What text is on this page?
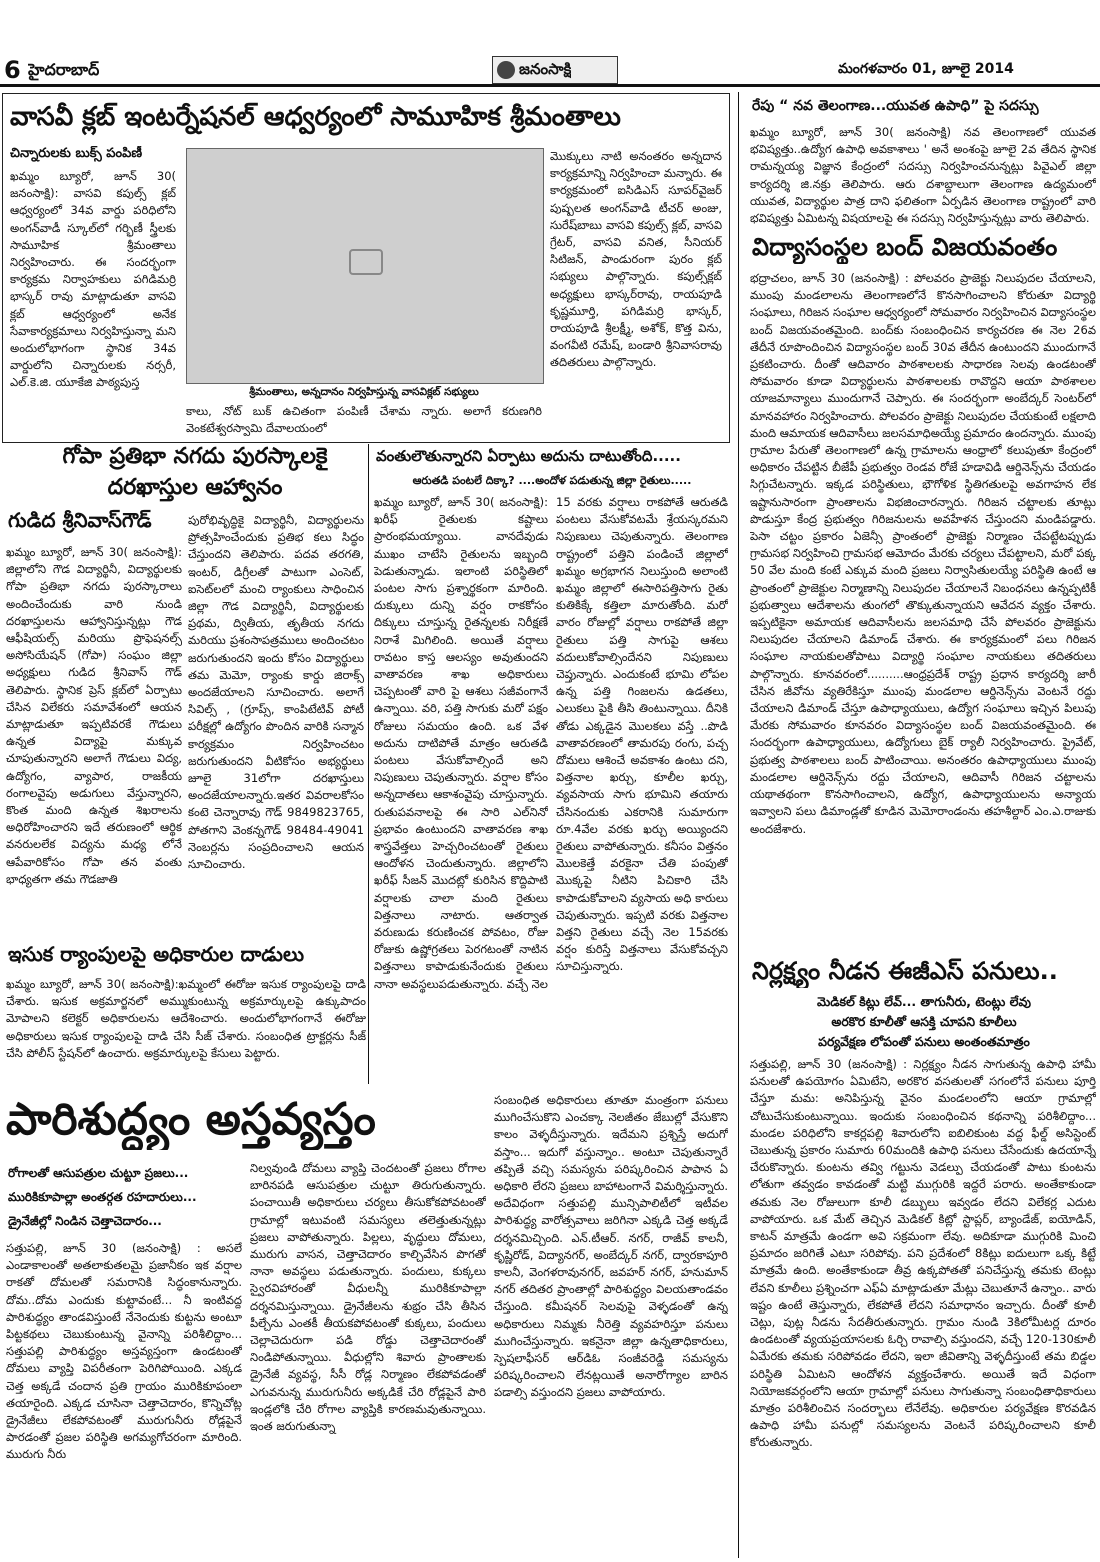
6 హైదరాబాద్	జనంసాక్షి	మంగళవారం 01, జూలై 2014
వాసవీ క్లబ్ ఇంటర్నేషనల్ ఆధ్వర్యంలో సామూహిక శ్రీమంతాలు
చిన్నారులకు బుక్స్ పంపిణీ
ఖమ్మం బ్యూరో, జూన్ 30( జనంసాక్షి): వాసవి కపుల్స్ క్లబ్ ఆధ్వర్యంలో 34వ వార్డు పరిధిలోని అంగన్‌వాడీ స్కూల్‌లో గర్భిణీ స్త్రీలకు సామూహిక శ్రీమంతాలు నిర్వహించారు. ఈ సందర్భంగా కార్యక్రమ నిర్వాహకులు పగిడిమర్రి భాస్కర్ రావు మాట్లాడుతూ వాసవి క్లబ్ ఆధ్వర్యంలో అనేక సేవాకార్యక్రమాలు నిర్వహిస్తున్నా మని అందులోభాగంగా స్థానిక 34వ వార్డులోని చిన్నారులకు నర్సరీ, ఎల్.కె.జి. యూకేజి పాఠ్యపుస్త
శ్రీమంతాలు, అన్నదానం నిర్వహిస్తున్న వాసవిక్లబ్ సభ్యులు
కాలు, నోట్ బుక్ ఉచితంగా పంపిణీ చేశామ న్నారు. అలాగే కరుణగిరి వెంకటేశ్వరస్వామి దేవాలయంలో
మొక్కులు నాటి అనంతరం అన్నదాన కార్యక్రమాన్ని నిర్వహించా మన్నారు. ఈ కార్యక్రమంలో ఐసిడిఎస్ సూపర్‌వైజర్ పుష్పలత అంగన్‌వాడి టీచర్ అంజు, సురేష్‌బాబు వాసవి కపుల్స్ క్లబ్, వాసవి గ్రేటర్, వాసవి వనిత, సీనియర్ సిటిజన్, పాండురంగా పురం క్లబ్ సభ్యులు పాల్గొన్నారు. కపుల్స్‌క్లబ్ అధ్యక్షులు భాస్కర్‌రావు, రాయపూడి కృష్ణమూర్తి, పగిడిమర్రి భాస్కర్, రాయపూడి శ్రీలక్ష్మీ, అశోక్, కొత్త విను, వంగవీటి రమేష్, బండారి శ్రీనివాసరావు తదితరులు పాల్గొన్నారు.
గోపా ప్రతిభా నగదు పురస్కాలకై
దరఖాస్తుల ఆహ్వానం
గుడిద శ్రీనివాస్‌గౌడ్
ఖమ్మం బ్యూరో, జూన్ 30( జనంసాక్షి): జిల్లాలోని గౌడ విద్యార్థినీ, విద్యార్థులకు గోపా ప్రతిభా నగదు పురస్కారాలు అందించేందుకు వారి నుండి దరఖాస్తులను ఆహ్వానిస్తున్నట్లు గౌడ ఆఫీషియల్స్ మరియు ప్రొఫెషనల్స్ అసోసియేషన్ (గోపా) సంఘం జిల్లా అధ్యక్షులు గుడిద శ్రీనివాస్ గౌడ్ తెలిపారు. స్థానిక ప్రెస్ క్లబ్‌లో ఏర్పాటు చేసిన విలేకరు సమావేశంలో ఆయన మాట్లాడుతూ ఇప్పటివరకే గౌడులు ఉన్నత విద్యాపై మక్కువ చూపుతున్నారని అలాగే గౌడులు విద్య, ఉద్యోగం, వ్యాపార, రాజకీయ రంగాలవైపు అడుగులు వేస్తున్నారని, కొంత మంది ఉన్నత శిఖరాలను అధిరోహించారని ఇదే తరుణంలో ఆర్థిక వనరులలేక విద్యను మధ్య లోనే ఆపేవారికోసం గోపా తన వంతు భాధ్యతగా తమ గౌడజాతి
పురోభివృద్ధికై విద్యార్థినీ, విద్యార్థులను ప్రోత్సహించేందుకు ప్రతిభ కలు సిద్ధం చేస్తుందని తెలిపారు. పదవ తరగతి, ఇంటర్, డిగ్రీలతో పాటుగా ఎంసెట్, ఐసెట్‌లలో మంచి ర్యాంకులు సాధించిన జిల్లా గౌడ విద్యార్థినీ, విద్యార్థులకు ప్రథమ, ద్వితీయ, తృతీయ నగదు మరియు ప్రశంసాపత్రములు అందించటం జరుగుతుందని ఇందు కోసం విద్యార్థులు తమ మెమో, ర్యాంకు కార్డు జిరాక్స్ అందజేయాలని సూచించారు. అలాగే సివిల్స్ , (గ్రూప్స్, కాంపిటేటివ్ పోటీ పరీక్షల్లో ఉద్యోగం పొందిన వారికి సన్మాన కార్యక్రమం నిర్వహించటం జరుగుతుందని వీటికోసం అభ్యర్థులు జూలై 31లోగా దరఖాస్తులు అందజేయాలన్నారు.ఇతర వివరాలకోసం కంటె చెన్నారావు గౌడ్ 9849823765, పోతగాని వెంకన్నగౌడ్ 98484-49041 నెంబర్లను సంప్రదించాలని ఆయన సూచించారు.
వంతులౌతున్నారని ఏర్పాటు అదును దాటుతోంది.....
ఆరుతడి పంటలే దిక్కా? ....అందోళ పడుతున్న జిల్లా రైతులు.....
ఖమ్మం బ్యూరో, జూన్ 30( జనంసాక్షి): ఖరీఫ్ రైతులకు కష్టాలు ప్రారంభమయ్యాయి. వానదేవుడు ముఖం చాటేసి రైతులను ఇబ్బంది పెడుతున్నాడు. ఇలాంటి పరిస్థితిలో పంటల సాగు ప్రశ్నార్థకంగా మారింది. దుక్కులు దున్ని వర్షం రాకకోసం దిక్కులు చూస్తున్న రైతన్నలకు నిరీక్షణే నిరాశే మిగిలింది. అయితే వర్షాలు రావటం కాస్త ఆలస్యం అవుతుందని వాతావరణ శాఖ అధికారులు చెప్పటంతో వారి పై ఆశలు సజీవంగానే ఉన్నాయి. వరి, పత్తి సాగుకు మరో పక్షం రోజులు సమయం ఉంది. ఒక వేళ అదును దాటిపోతే మాత్రం ఆరుతడి పంటలు వేసుకోవాల్సిందే అని నిపుణులు చెపుతున్నారు. వర్షాల కోసం అన్నదాతలు ఆకాశంవైపు చూస్తున్నారు. రుతుపవనాలపై ఈ సారి ఎల్‌నినో ప్రభావం ఉంటుందని వాతావరణ శాఖ శాస్త్రవేత్తలు హెచ్చరించటంతో రైతులు ఆందోళన చెందుతున్నారు. జిల్లాలోని ఖరీఫ్ సీజన్ మొదట్లో కురిసిన కొద్దిపాటి వర్షాలకు చాలా మంది రైతులు విత్తనాలు నాటారు. ఆతర్వాత వరుణుడు కరుణించక పోవటం, రోజు రోజుకు ఉష్ణోగ్రతలు పెరగటంతో నాటిన విత్తనాలు కాపాడుకునేందుకు రైతులు నానా అవస్థలుపడుతున్నారు. వచ్చే నెల
15 వరకు వర్షాలు రాకపోతే ఆరుతడి పంటలు వేసుకోవటమే శ్రేయస్కరమని నిపుణులు చెపుతున్నారు. తెలంగాణ రాష్ట్రంలో పత్తిని పండించే జిల్లాలో ఖమ్మం అగ్రభాగన నిలుస్తుంది అలాంటి ఖమ్మం జిల్లాలో ఈసారిపత్తిసాగు రైతు కుతికిక్కే కత్తిలా మారుతోంది. మరో వారం రోజుల్లో వర్షాలు రాకపోతే జిల్లా రైతులు పత్తి సాగుపై ఆశలు వదులుకోవాల్సిందేనని నిపుణులు చెప్తున్నారు. ఎందుకంటే భూమి లోపల ఉన్న పత్తి గింజలను ఉడతలు, ఎలుకలు పైకి తీసి తింటున్నాయి. దీనికి తోడు ఎక్కడైన మొలకలు వస్తే ..పొడి వాతావరణంలో తామరపు రంగు, పచ్చ దోమలు ఆశించే అవకాశం ఉంటు దని, విత్తనాల ఖర్చు, కూలీల ఖర్చు, వ్యవసాయ సాగు భూమిని తయారు చేసినందుకు ఎకరానికి సుమారుగా రూ.4వేల వరకు ఖర్చు అయ్యిందని రైతులు వాపోతున్నారు. కనీసం విత్తనం మొలకెత్తే వరకైనా చేతి పంపుతో మొక్కపై నీటిని పిచికారి చేసి కాపాడుకోవాలని వ్యసాయ అధి కారులు చెపుతున్నారు. ఇప్పటి వరకు విత్తనాల విత్తని రైతులు వచ్చే నెల 15వరకు వర్షం కురిస్తే విత్తనాలు వేసుకోవచ్చని సూచిస్తున్నారు.
ఇసుక ర్యాంపులపై అధికారుల దాడులు
ఖమ్మం బ్యూరో, జూన్ 30( జనంసాక్షి):ఖమ్మంలో ఈరోజు ఇసుక ర్యాంపులపై దాడి చేశారు. ఇసుక అక్రమార్జనలో అమ్ముకుంటున్న అక్రమార్కులపై ఉక్కుపాదం మోపాలని కలెక్టర్ అధికారులను ఆదేశించారు. అందులోభాగంగానే ఈరోజు అధికారులు ఇసుక ర్యాంపులపై దాడి చేసి సీజ్ చేశారు. సంబంధిత ట్రాక్టర్లను సీజ్ చేసి పోలీస్ స్టేషన్‌లో ఉంచారు. అక్రమార్కులపై కేసులు పెట్టారు.
పారిశుద్ధ్యం అస్తవ్యస్తం
రోగాలతో ఆసుపత్రుల చుట్టూ ప్రజలు...
మురికికూపాల్లా అంతర్గత రహదారులు...
డ్రైనేజీల్లో నిండిన చెత్తాచెదారం...
సత్తుపల్లి, జూన్ 30 (జనంసాక్షి) : అసలే ఎండాకాలంతో అతలాకుతలమై ప్రజానీకం ఇక వర్షాల రాకతో దోమలతో సమరానికి సిద్ధంకానున్నారు. దోమ..దోమ ఎందుకు కుట్టావంటే... నీ ఇంటివద్ద పారిశుద్ధ్యం తాండవిస్తుంటే నేనెందుకు కుట్టను అంటూ పిట్టకథలు చెబుకుంటున్న వైనాన్ని పరిశీలిద్దాం... సత్తుపల్లి పారిశుద్ధ్యం అస్తవ్యస్తంగా ఉండటంతో దోమలు వ్యాప్తి విపరీతంగా పెరిగిపోయింది. ఎక్కడ చెత్త అక్కడే చందాన ప్రతి గ్రాయం మురికికూపంలా తయారైంది. ఎక్కడ చూసినా చెత్తాచెదారం, కొన్నిచోట్ల డ్రైనేజీలు లేకపోవటంతో మురుగునీరు రోడ్లపైనే పారడంతో ప్రజల పరిస్థితి అగమ్యగోచరంగా మారింది. మురుగు నీరు
నిల్వవుండి దోమలు వ్యాప్తి చెందటంతో ప్రజలు రోగాల బారినపడి ఆసుపత్రుల చుట్టూ తిరుగుతున్నారు. పంచాయితీ అధికారులు చర్యలు తీసుకోకపోవటంతో గ్రామాల్లో ఇటువంటి సమస్యలు తలెత్తుతున్నట్లు ప్రజలు వాపోతున్నారు. పిల్లలు, వృద్ధులు దోమలు, మురుగు వాసన, చెత్తాచెదారం కాల్చివేసిన పొగతో నానా అవస్థలు పడుతున్నారు. పందులు, కుక్కలు స్వైరవిహారంతో వీధులన్నీ మురికికూపాల్లా దర్శనమిస్తున్నాయి. డ్రైనేజీలను శుభ్రం చేసి తీసిన పీల్చేను ఎంతకీ తీయకపోవటంతో కుక్కలు, పందులు చెల్లాచెదురుగా పడి రోడ్డు చెత్తాచెదారంతో నిండిపోతున్నాయి. వీధుల్లోని శివారు ప్రాంతాలకు డ్రైనేజీ వ్యవస్థ, సీసీ రోడ్ల నిర్మాణం లేకపోవడంతో ఎగువనున్న మురుగునీరు అక్కడికే చేరి రోడ్లపైనే పారి ఇండ్లలోకి చేరి రోగాల వ్యాప్తికి కారణమవుతున్నాయి. ఇంత జరుగుతున్నా
సంబంధిత అధికారులు తూతూ మంత్రంగా పనులు ముగించేసుకొని ఎంచక్కా నెలజీతం జేబుల్లో వేసుకొని కాలం వెళ్ళదీస్తున్నారు. ఇదేమని ప్రశ్నిస్తే అదుగో వస్తాం... ఇదుగో వస్తున్నాం.. అంటూ చెపుతున్నారే తప్పితే వచ్చి సమస్యను పరిష్కరించిన పాపాన ఏ అధికారి లేరని ప్రజలు బాహాటంగానే విమర్శిస్తున్నారు. అదేవిధంగా సత్తుపల్లి మున్సిపాలిటీలో ఇటీవల పారిశుద్ధ్య వారోత్సవాలు జరిగినా ఎక్కడి చెత్త అక్కడే దర్శనమిచ్చింది. ఎన్.టీఆర్. నగర్, రాజీవ్ కాలనీ, కృష్ణిరోడ్, విద్యానగర్, అంబేద్కర్ నగర్, ద్వారకాపూరి కాలనీ, వెంగళరావునగర్, జవహర్ నగర్, హనుమాన్ నగర్ తదితర ప్రాంతాల్లో పారిశుద్ధ్యం విలయతాండవం చేస్తుంది. కమీషనర్ సెలవుపై వెళ్ళడంతో ఉన్న అధికారులు నిమ్మకు నీరెత్తి వ్యవహరిస్తూ పనులు ముగించేస్తున్నారు. ఇకనైనా జిల్లా ఉన్నతాధికారులు, స్పెషలాఫీసర్ ఆర్‌డిఓ సంజీవరెడ్డి సమస్యను పరిష్కరించాలని లేనట్లయితే అనారోగ్యాల బారిన పడాల్సి వస్తుందని ప్రజలు వాపోయారు.
రేపు “ నవ తెలంగాణ...యువత ఉపాధి” పై సదస్సు
ఖమ్మం బ్యూరో, జూన్ 30( జనంసాక్షి) నవ తెలంగాణలో యువత భవిష్యత్తు..ఉద్యోగ ఉపాధి అవకాశాలు ' అనే అంశంపై జూలై 2వ తేదిన స్థానిక రామన్నయ్య విజ్ఞాన కేంద్రంలో సదస్సు నిర్వహించనున్నట్లు పివైఎల్ జిల్లా కార్యదర్శి జి.నక్రు తెలిపారు. ఆరు దశాబ్దాలుగా తెలంగాణ ఉద్యమంలో యువత, విద్యార్థుల పాత్ర దాని ఫలితంగా ఏర్పడిన తెలంగాణ రాష్ట్రంలో వారి భవిష్యత్తు ఏమిటన్న విషయాలపై ఈ సదస్సు నిర్వహిస్తున్నట్లు వారు తెలిపారు.
విద్యాసంస్థల బంద్ విజయవంతం
భద్రాచలం, జూన్ 30 (జనంసాక్షి) : పోలవరం ప్రాజెక్టు నిలుపుదల చేయాలని, ముంపు మండలాలను తెలంగాణలోనే కొనసాగించాలని కోరుతూ విద్యార్థి సంఘాలు, గిరిజన సంఘాల ఆధ్వర్యంలో సోమవారం నిర్వహించిన విద్యాసంస్థల బంద్ విజయవంతమైంది. బంద్‌కు సంబంధించిన కార్యచరణ ఈ నెల 26వ తేదీనే రూపొందించిన విద్యాసంస్థల బంద్ 30వ తేదీన ఉంటుందని ముందుగానే ప్రకటించారు. దీంతో ఆదివారం పాఠశాలలకు సాధారణ సెలవు ఉండటంతో సోమవారం కూడా విద్యార్థులను పాఠశాలలకు రావొద్దని ఆయా పాఠశాలల యాజమాన్యాలు ముందుగానే చెప్పారు. ఈ సందర్భంగా అంబేద్కర్ సెంటర్‌లో మానవహారం నిర్వహించారు. పోలవరం ప్రాజెక్టు నిలుపుదల చేయకుంటే లక్షలాది మంది ఆమాయక ఆదివాసీలు జలసమాధిఅయ్యే ప్రమాదం ఉందన్నారు. ముంపు గ్రామాల పేరుతో తెలంగాణలో ఉన్న గ్రామాలను ఆంధ్రాలో కలుపుతూ కేంద్రంలో అధికారం చేపట్టిన బీజేపీ ప్రభుత్వం రెండవ రోజే హడావిడి ఆర్డినెన్స్‌ను చేయడం సిగ్గుచేటన్నారు. ఇక్కడ పరిస్థితులు, భౌగోళిక స్థితిగతులపై అవగాహన లేక ఇష్టానుసారంగా ప్రాంతాలను విభజించారన్నారు. గిరిజన చట్టాలకు తూట్లు పొడుస్తూ కేంద్ర ప్రభుత్వం గిరిజనులను అవహేళన చేస్తుందని మండిపడ్డారు. పెసా చట్టం ప్రకారం ఏజెన్సీ ప్రాంతంలో ప్రాజెక్టు నిర్మాణం చేపట్టేటప్పుడు గ్రామసభ నిర్వహించి గ్రామసభ ఆమోదం మేరకు చర్యలు చేపట్టాలని, మరో పక్క 50 వేల మంది కంటే ఎక్కువ మంది ప్రజలు నిర్వాసితులయ్యే పరిస్థితి ఉంటే ఆ ప్రాంతంలో ప్రాజెక్టుల నిర్మాణాన్ని నిలుపుదల చేయాలనే నిబంధనలు ఉన్నప్పటికీ ప్రభుత్వాలు ఆదేశాలను తుంగలో తొక్కుతున్నాయని ఆవేదన వ్యక్తం చేశారు. ఇప్పటికైనా అమాయక ఆదివాసీలను జలసమాధి చేసే పోలవరం ప్రాజెక్టును నిలుపుదల చేయాలని డిమాండ్ చేశారు. ఈ కార్యక్రమంలో పలు గిరిజన సంఘాల నాయకులతోపాటు విద్యార్థి సంఘాల నాయకులు తదితరులు పాల్గొన్నారు. కూనవరంలో..........ఆంధ్రప్రదేశ్ రాష్ట్ర ప్రధాన కార్యదర్శి జారీ చేసిన జీవోను వ్యతిరేకిస్తూ ముంపు మండలాల ఆర్డినెన్స్‌ను వెంటనే రద్దు చేయాలని డిమాండ్ చేస్తూ ఉపాధ్యాయులు, ఉద్యోగ సంఘాలు ఇచ్చిన పిలుపు మేరకు సోమవారం కూనవరం విద్యాసంస్థల బంద్ విజయవంతమైంది. ఈ సందర్భంగా ఉపాధ్యాయులు, ఉద్యోగులు బైక్ ర్యాలీ నిర్వహించారు. ప్రైవేట్, ప్రభుత్వ పాఠశాలలు బంద్ పాటించాయి. అనంతరం ఉపాధ్యాయులు ముంపు మండలాల ఆర్డినెన్స్‌ను రద్దు చేయాలని, ఆదివాసీ గిరిజన చట్టాలను యథాతథంగా కొనసాగించాలని, ఉద్యోగ, ఉపాధ్యాయులను అన్యాయ ఇవ్వాలని పలు డిమాండ్లతో కూడిన మెమోరాండంను తహశీల్దార్ ఎం.ఎ.రాజుకు అందజేశారు.
నిర్లక్ష్యం నీడన ఈజీఎస్ పనులు..
మెడికల్ కిట్లు లేవ్... తాగునీరు, టెంట్లు లేవు
అరకొర కూలీతో ఆసక్తి చూపని కూలీలు
పర్యవేక్షణ లోపంతో పనులు అంతంతమాత్రం
సత్తుపల్లి, జూన్ 30 (జనంసాక్షి) : నిర్లక్ష్యం నీడన సాగుతున్న ఉపాధి హామీ పనులతో ఉపయోగం ఏమిటేని, అరకొర వసతులతో సగంలోనే పనులు పూర్తి చేస్తూ మమ: అనిపిస్తున్న వైనం మండలంలోని ఆయా గ్రామాల్లో చోటుచేసుకుంటున్నాయి. ఇందుకు సంబంధించిన కథనాన్ని పరిశీలిద్దాం... మండల పరిధిలోని కాకర్లపల్లి శివారులోని ఐబిలికుంట వద్ద ఫీల్డ్ అసిస్టెంట్ చెబుతున్న ప్రకారం సుమారు 60మందికి ఉపాధి పనులు చేసేందుకు ఉదయాన్నే చేరుకొన్నారు. కుంటను తవ్వి గట్టును వెడల్పు చేయడంతో పాటు కుంటను లోతుగా తవ్వడం కావడంతో మట్టి ముగ్గురికి ఇద్దరే పరారు. అంతేకాకుండా తమకు నెల రోజులుగా కూలీ డబ్బులు ఇవ్వడం లేదని విలేకర్ల ఎదుట వాపోయారు. ఒక మేట్ తెచ్చిన మెడికల్ కిట్లో స్టాప్లర్, బ్యాండేజ్, ఐయోడిన్, కాటన్ మాత్రమే ఉండగా అవి సక్రమంగా లేవు. అదికూడా ముగ్గురికి మించి ప్రమాదం జరిగితే ఎటూ సరిపోవు. పని ప్రదేశంలో 8కిట్లు ఐదులుగా ఒక్క కిట్టే మాత్రమే ఉంది. అంతేకాకుండా తీవ్ర ఉక్కపోతతో పనిచేస్తున్న తమకు టెంట్లు లేవని కూలీలు ప్రశ్నించగా ఎఫ్‌ఏ మాట్లాడుతూ మేట్లు చెబుతూనే ఉన్నాం.. వారు ఇష్టం ఉంటే తెస్తున్నారు, లేకపోతే లేదని సమాధానం ఇచ్చారు. దీంతో కూలీ చెట్లు, పుట్ల నీడను సేదతీరుతున్నారు. గ్రామం నుండి 3కిలోమీటర్ల దూరం ఉండటంతో వ్యయప్రయాసలకు ఓర్చి రావాల్సి వస్తుందని, వచ్చే 120-130కూలీ ఏమేరకు తమకు సరిపోవడం లేదని, ఇలా జీవితాన్ని వెళ్ళదీస్తుంటే తమ బిడ్డల పరిస్థితి ఏమిటని ఆందోళన వ్యక్తంచేశారు. అయితే ఇదే విధంగా నియోజకవర్గంలోని ఆయా గ్రామాల్లో పనులు సాగుతున్నా సంబంధితాధికారులు మాత్రం పరిశీలించిన సందర్భాలు లేనేలేవు. అధికారుల పర్యవేక్షణ కొరవడిన ఉపాధి హామీ పనుల్లో సమస్యలను వెంటనే పరిష్కరించాలని కూలీ కోరుతున్నారు.
